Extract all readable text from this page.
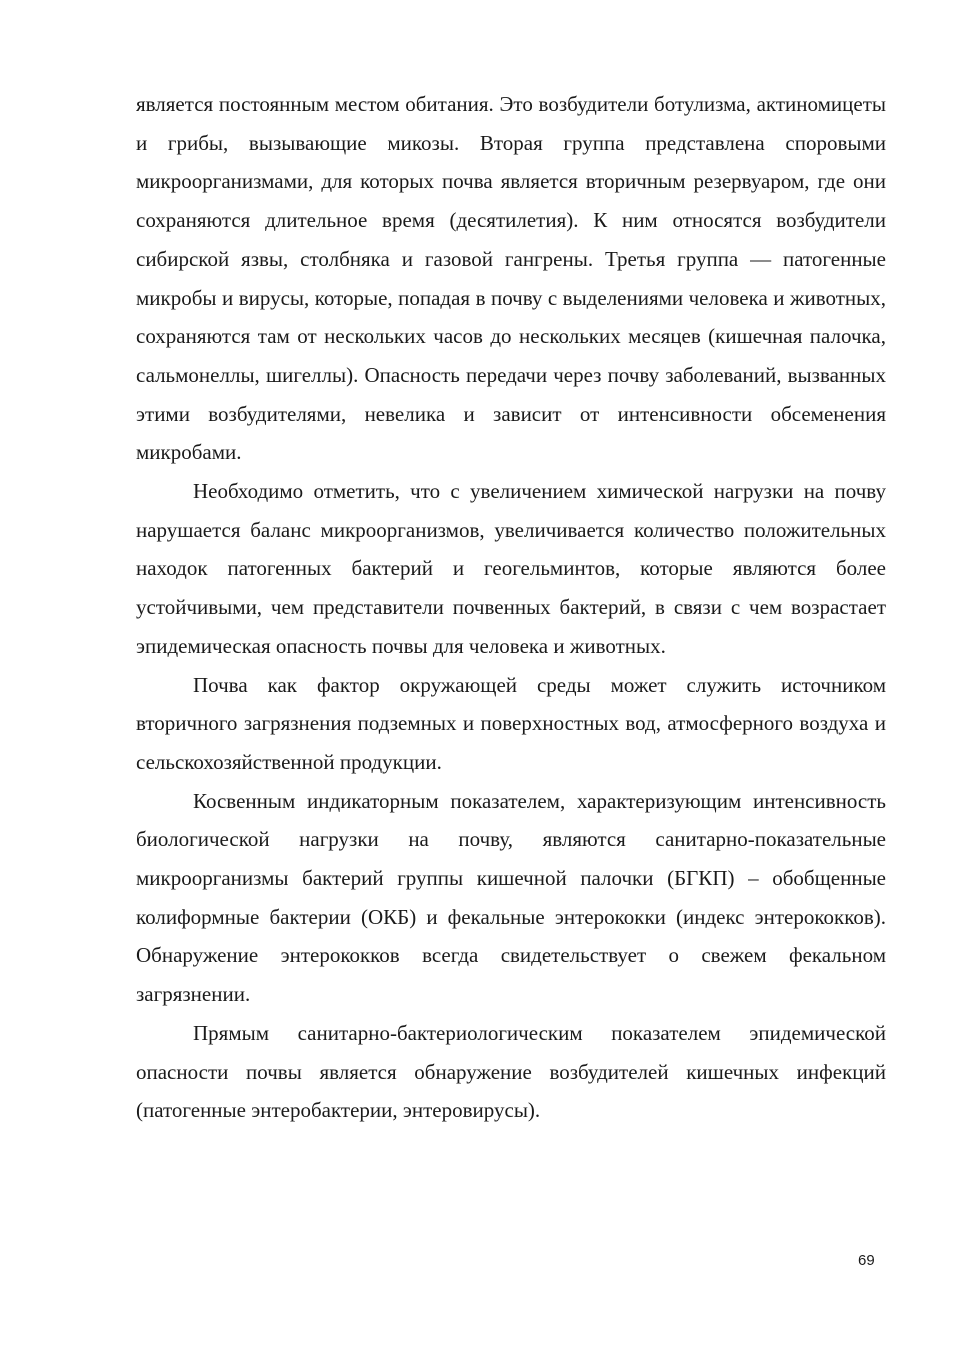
является постоянным местом обитания. Это возбудители ботулизма, актиномицеты и грибы, вызывающие микозы. Вторая группа представлена споровыми микроорганизмами, для которых почва является вторичным резервуаром, где они сохраняются длительное время (десятилетия). К ним относятся возбудители сибирской язвы, столбняка и газовой гангрены. Третья группа — патогенные микробы и вирусы, которые, попадая в почву с выделениями человека и животных, сохраняются там от нескольких часов до нескольких месяцев (кишечная палочка, сальмонеллы, шигеллы). Опасность передачи через почву заболеваний, вызванных этими возбудителями, невелика и зависит от интенсивности обсеменения микробами.

Необходимо отметить, что с увеличением химической нагрузки на почву нарушается баланс микроорганизмов, увеличивается количество положительных находок патогенных бактерий и геогельминтов, которые являются более устойчивыми, чем представители почвенных бактерий, в связи с чем возрастает эпидемическая опасность почвы для человека и животных.

Почва как фактор окружающей среды может служить источником вторичного загрязнения подземных и поверхностных вод, атмосферного воздуха и сельскохозяйственной продукции.

Косвенным индикаторным показателем, характеризующим интенсивность биологической нагрузки на почву, являются санитарно-показательные микроорганизмы бактерий группы кишечной палочки (БГКП) – обобщенные колиформные бактерии (ОКБ) и фекальные энтерококки (индекс энтерококков). Обнаружение энтерококков всегда свидетельствует о свежем фекальном загрязнении.

Прямым санитарно-бактериологическим показателем эпидемической опасности почвы является обнаружение возбудителей кишечных инфекций (патогенные энтеробактерии, энтеровирусы).

69
